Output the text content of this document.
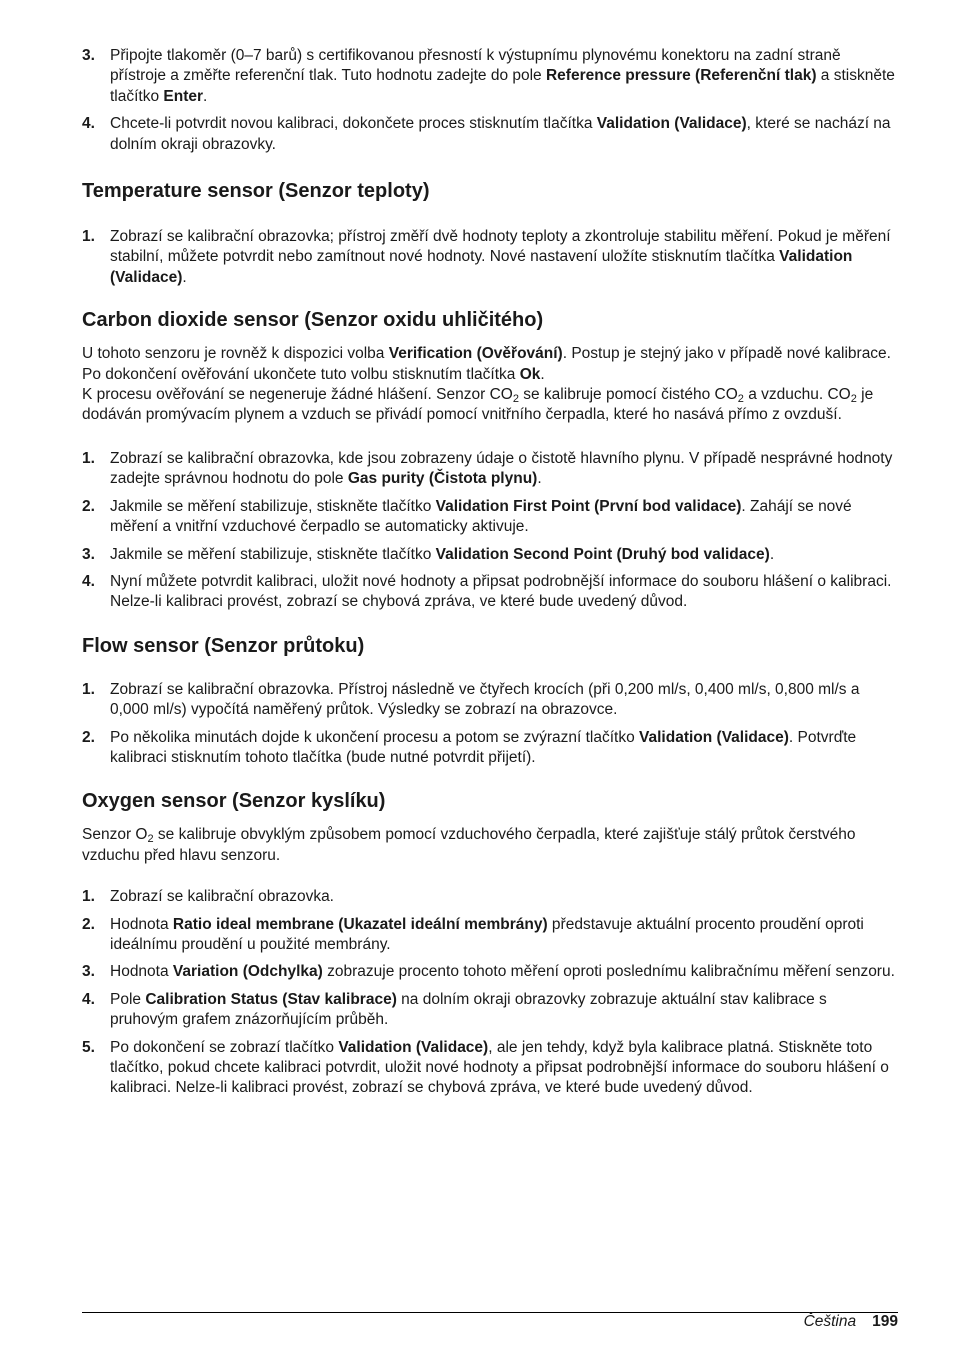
3. Připojte tlakoměr (0–7 barů) s certifikovanou přesností k výstupnímu plynovému konektoru na zadní straně přístroje a změřte referenční tlak. Tuto hodnotu zadejte do pole Reference pressure (Referenční tlak) a stiskněte tlačítko Enter.
4. Chcete-li potvrdit novou kalibraci, dokončete proces stisknutím tlačítka Validation (Validace), které se nachází na dolním okraji obrazovky.
Temperature sensor (Senzor teploty)
1. Zobrazí se kalibrační obrazovka; přístroj změří dvě hodnoty teploty a zkontroluje stabilitu měření. Pokud je měření stabilní, můžete potvrdit nebo zamítnout nové hodnoty. Nové nastavení uložíte stisknutím tlačítka Validation (Validace).
Carbon dioxide sensor (Senzor oxidu uhličitého)

U tohoto senzoru je rovněž k dispozici volba Verification (Ověřování). Postup je stejný jako v případě nové kalibrace. Po dokončení ověřování ukončete tuto volbu stisknutím tlačítka Ok.
K procesu ověřování se negeneruje žádné hlášení. Senzor $CO_2$ se kalibruje pomocí čistého $CO_2$ a vzduchu. $CO_2$ je dodáván promývacím plynem a vzduch se přivádí pomocí vnitřního čerpadla, které ho nasává přímo z ovzduší.

1. Zobrazí se kalibrační obrazovka, kde jsou zobrazeny údaje o čistotě hlavního plynu. V případě nesprávné hodnoty zadejte správnou hodnotu do pole Gas purity (Čistota plynu).
2. Jakmile se měření stabilizuje, stiskněte tlačítko Validation First Point (První bod validace). Zahájí se nové měření a vnitřní vzduchové čerpadlo se automaticky aktivuje.
3. Jakmile se měření stabilizuje, stiskněte tlačítko Validation Second Point (Druhý bod validace).
4. Nyní můžete potvrdit kalibraci, uložit nové hodnoty a připsat podrobnější informace do souboru hlášení o kalibraci. Nelze-li kalibraci provést, zobrazí se chybová zpráva, ve které bude uvedený důvod.
Flow sensor (Senzor průtoku)
1. Zobrazí se kalibrační obrazovka. Přístroj následně ve čtyřech krocích (při 0,200 ml/s, 0,400 ml/s, 0,800 ml/s a 0,000 ml/s) vypočítá naměřený průtok. Výsledky se zobrazí na obrazovce.
2. Po několika minutách dojde k ukončení procesu a potom se zvýrazní tlačítko Validation (Validace). Potvrďte kalibraci stisknutím tohoto tlačítka (bude nutné potvrdit přijetí).
Oxygen sensor (Senzor kyslíku)

Senzor $O_2$ se kalibruje obvyklým způsobem pomocí vzduchového čerpadla, které zajišťuje stálý průtok čerstvého vzduchu před hlavu senzoru.

1. Zobrazí se kalibrační obrazovka.
2. Hodnota Ratio ideal membrane (Ukazatel ideální membrány) představuje aktuální procento proudění oproti ideálnímu proudění u použité membrány.
3. Hodnota Variation (Odchylka) zobrazuje procento tohoto měření oproti poslednímu kalibračnímu měření senzoru.
4. Pole Calibration Status (Stav kalibrace) na dolním okraji obrazovky zobrazuje aktuální stav kalibrace s pruhovým grafem znázorňujícím průběh.
5. Po dokončení se zobrazí tlačítko Validation (Validace), ale jen tehdy, když byla kalibrace platná. Stiskněte toto tlačítko, pokud chcete kalibraci potvrdit, uložit nové hodnoty a připsat podrobnější informace do souboru hlášení o kalibraci. Nelze-li kalibraci provést, zobrazí se chybová zpráva, ve které bude uvedený důvod.
Čeština 199
